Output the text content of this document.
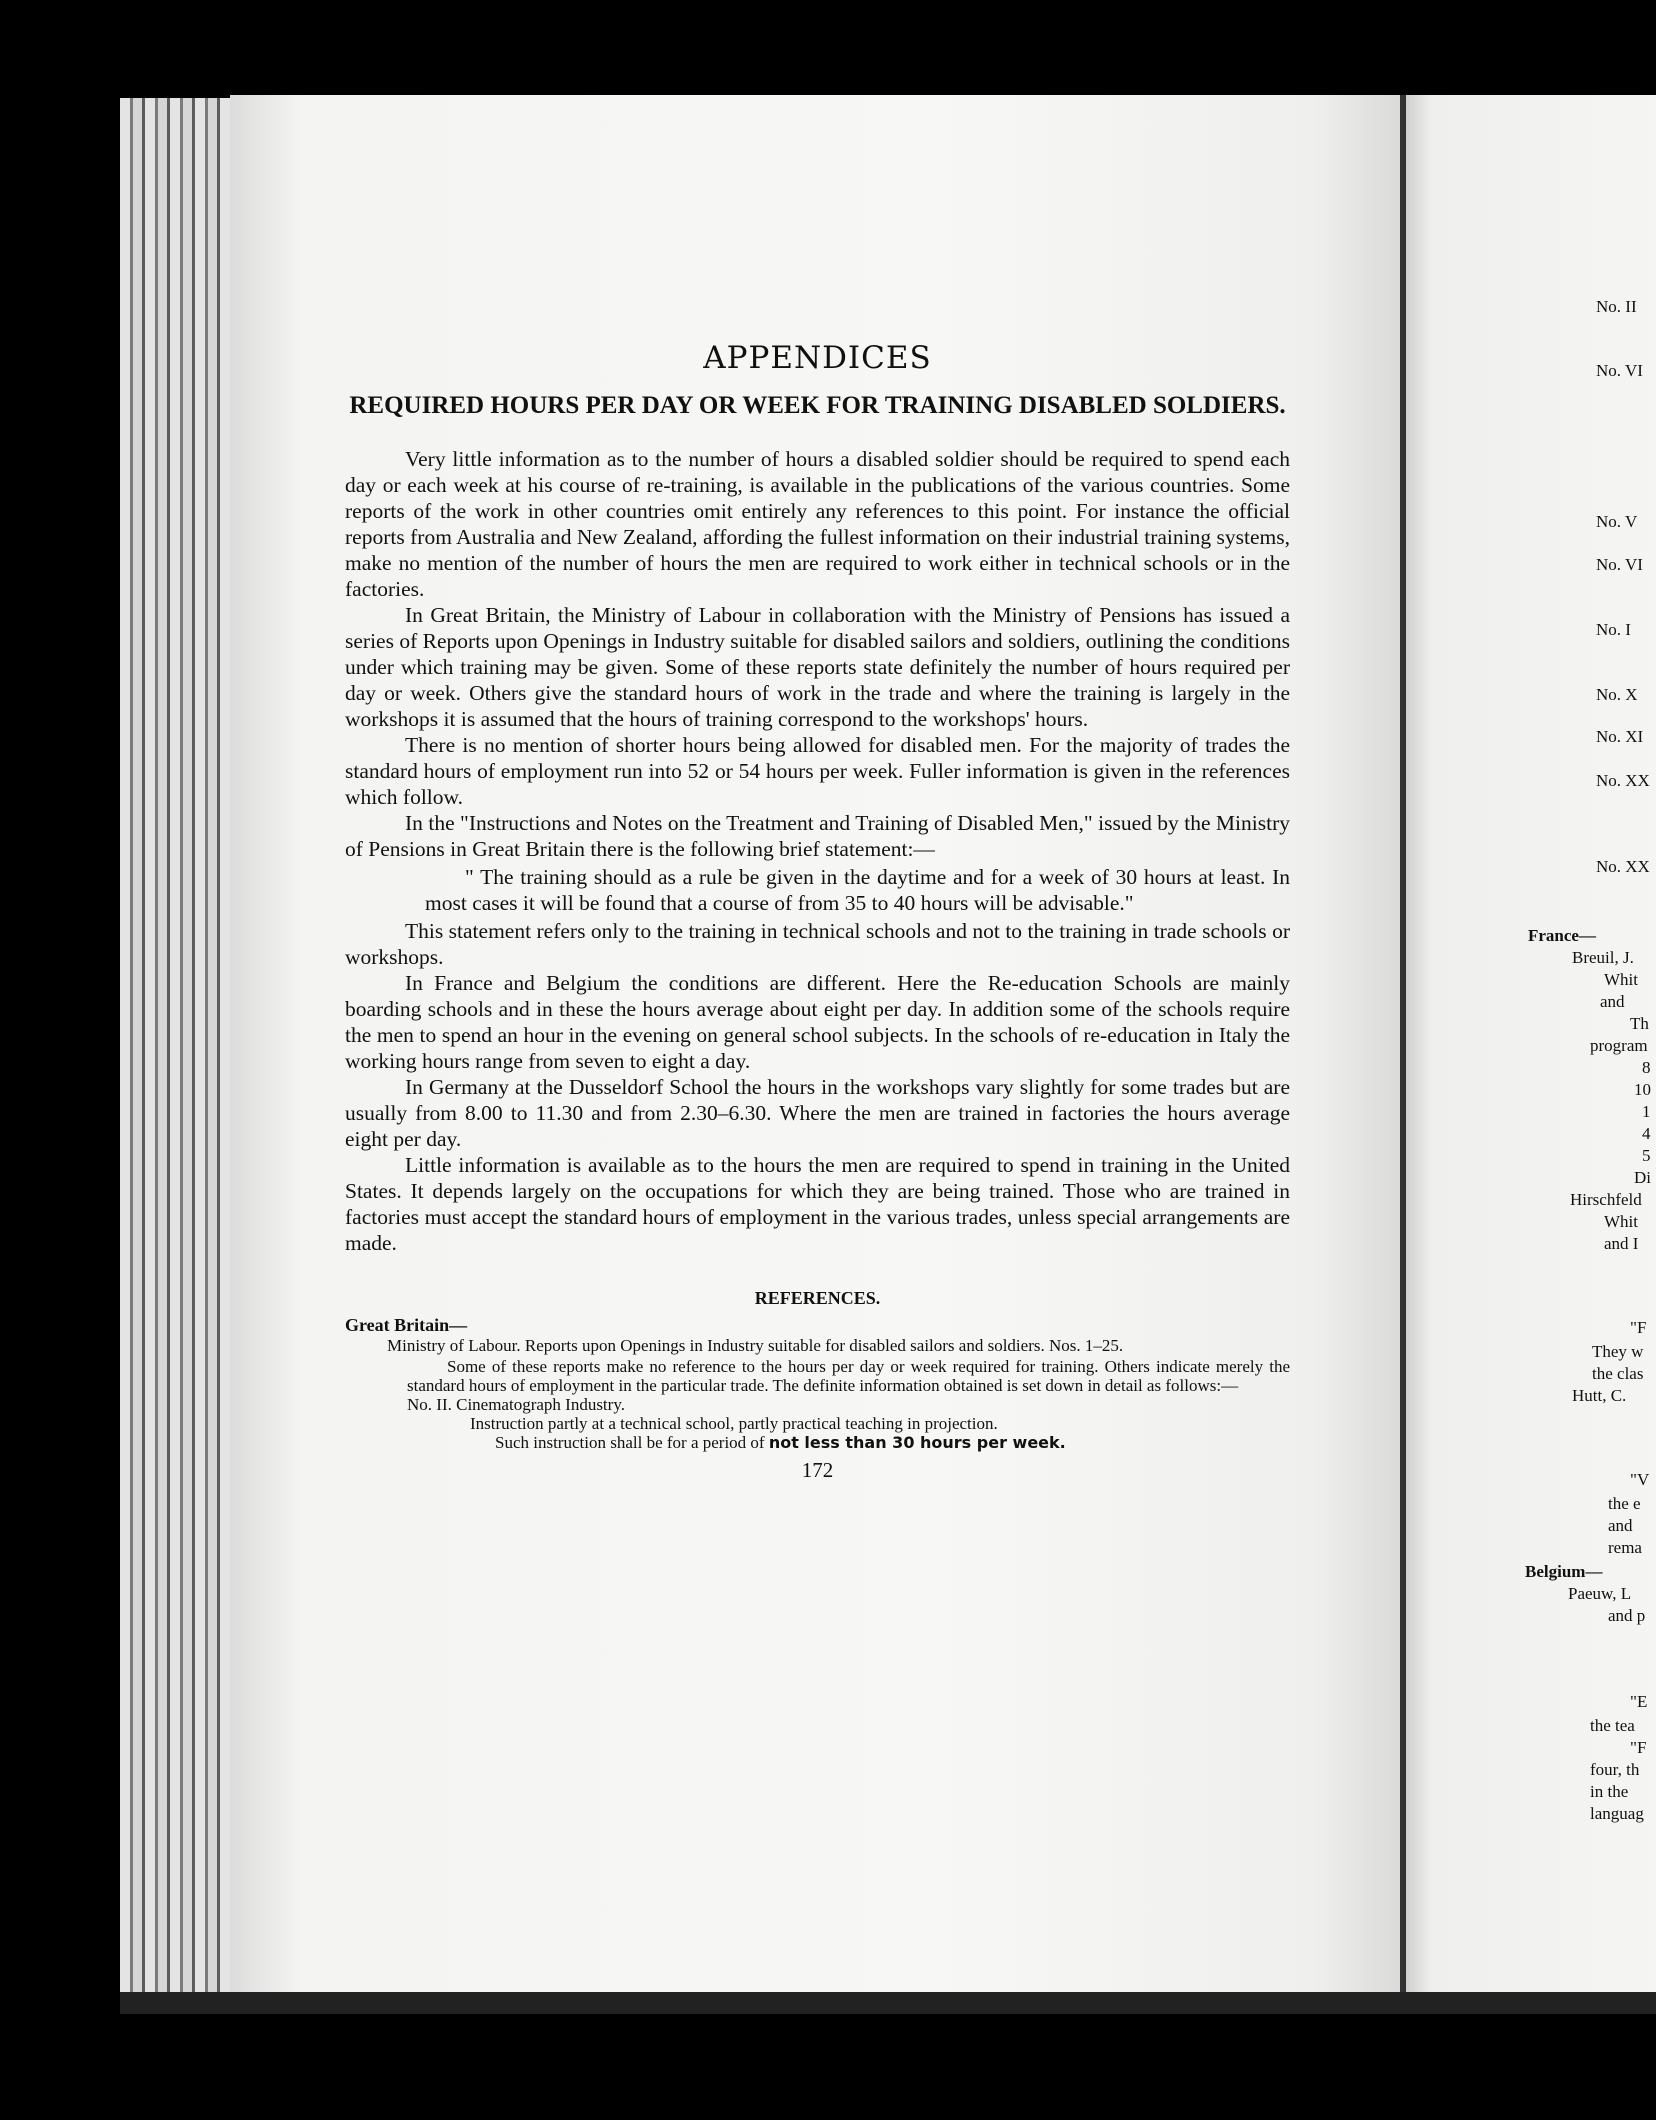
APPENDICES
REQUIRED HOURS PER DAY OR WEEK FOR TRAINING DISABLED SOLDIERS.

Very little information as to the number of hours a disabled soldier should be required to spend each day or each week at his course of re-training, is available in the publications of the various countries. Some reports of the work in other countries omit entirely any references to this point. For instance the official reports from Australia and New Zealand, affording the fullest information on their industrial training systems, make no mention of the number of hours the men are required to work either in technical schools or in the factories.

In Great Britain, the Ministry of Labour in collaboration with the Ministry of Pensions has issued a series of Reports upon Openings in Industry suitable for disabled sailors and soldiers, outlining the conditions under which training may be given. Some of these reports state definitely the number of hours required per day or week. Others give the standard hours of work in the trade and where the training is largely in the workshops it is assumed that the hours of training correspond to the workshops' hours.

There is no mention of shorter hours being allowed for disabled men. For the majority of trades the standard hours of employment run into 52 or 54 hours per week. Fuller information is given in the references which follow.

In the "Instructions and Notes on the Treatment and Training of Disabled Men," issued by the Ministry of Pensions in Great Britain there is the following brief statement:—

" The training should as a rule be given in the daytime and for a week of 30 hours at least. In most cases it will be found that a course of from 35 to 40 hours will be advisable."

This statement refers only to the training in technical schools and not to the training in trade schools or workshops.

In France and Belgium the conditions are different. Here the Re-education Schools are mainly boarding schools and in these the hours average about eight per day. In addition some of the schools require the men to spend an hour in the evening on general school subjects. In the schools of re-education in Italy the working hours range from seven to eight a day.

In Germany at the Dusseldorf School the hours in the workshops vary slightly for some trades but are usually from 8.00 to 11.30 and from 2.30–6.30. Where the men are trained in factories the hours average eight per day.

Little information is available as to the hours the men are required to spend in training in the United States. It depends largely on the occupations for which they are being trained. Those who are trained in factories must accept the standard hours of employment in the various trades, unless special arrangements are made.

REFERENCES.
Great Britain—
Ministry of Labour. Reports upon Openings in Industry suitable for disabled sailors and soldiers. Nos. 1–25.
Some of these reports make no reference to the hours per day or week required for training. Others indicate merely the standard hours of employment in the particular trade. The definite information obtained is set down in detail as follows:—
No. II. Cinematograph Industry.
Instruction partly at a technical school, partly practical teaching in projection.
Such instruction shall be for a period of not less than 30 hours per week.
172
No. II
No. VI
No. V
No. VI
No. I
No. X
No. XI
No. XX
No. XX
France—
Breuil, J.
Whit
and
Th
program
8
10
1
4
5
Di
Hirschfeld
Whit
and I
"F
They w
the clas
Hutt, C.
"V
the e
and
rema
Belgium—
Paeuw, L
and p
"E
the tea
"F
four, th
in the
languag
